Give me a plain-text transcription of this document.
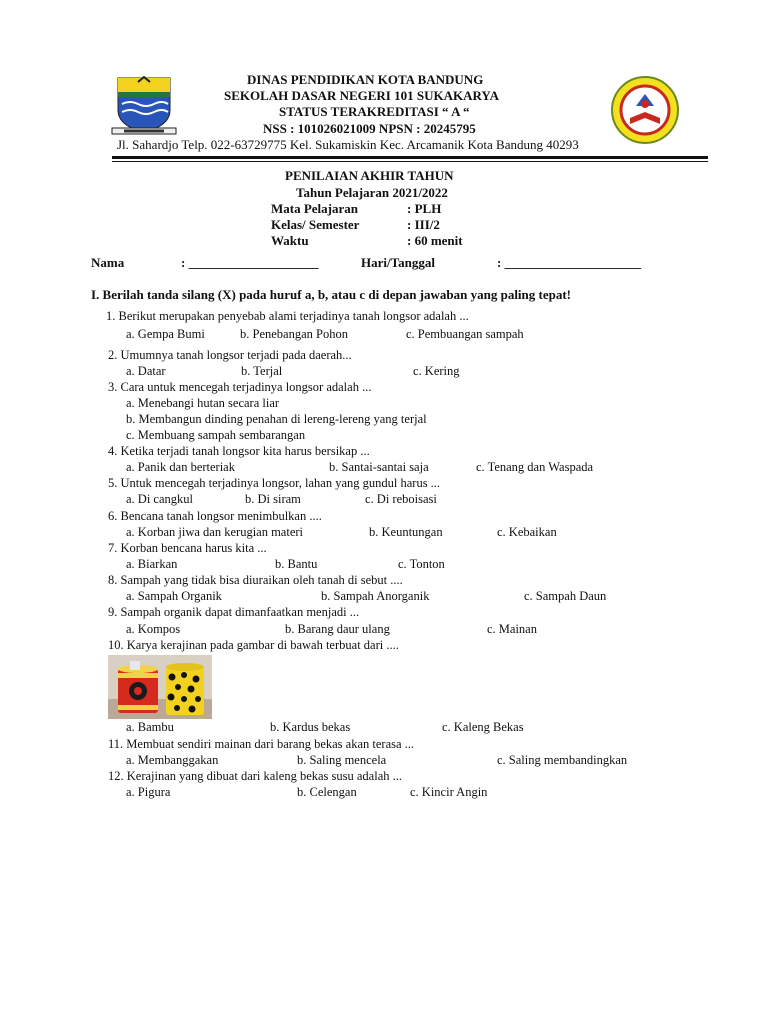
DINAS PENDIDIKAN KOTA BANDUNG
SEKOLAH DASAR NEGERI 101 SUKAKARYA
STATUS TERAKREDITASI “ A “
NSS : 101026021009 NPSN : 20245795
Jl. Sahardjo Telp. 022-63729775 Kel. Sukamiskin Kec. Arcamanik Kota Bandung 40293
PENILAIAN AKHIR TAHUN
Tahun Pelajaran 2021/2022
Mata Pelajaran	: PLH
Kelas/ Semester	: III/2
Waktu	: 60 menit
Nama	: ____________________	Hari/Tanggal	: _____________________
I. Berilah tanda silang (X) pada huruf a, b, atau c di depan jawaban yang paling tepat!
1. Berikut merupakan penyebab alami terjadinya tanah longsor adalah ...
a. Gempa Bumi	b. Penebangan Pohon	c. Pembuangan sampah
2. Umumnya tanah longsor terjadi pada daerah...
a. Datar	b. Terjal	c. Kering
3. Cara untuk mencegah terjadinya longsor adalah ...
a. Menebangi hutan secara liar
b. Membangun dinding penahan di lereng-lereng yang terjal
c. Membuang sampah sembarangan
4. Ketika terjadi tanah longsor kita harus bersikap ...
a. Panik dan berteriak	b. Santai-santai saja	c. Tenang dan Waspada
5. Untuk mencegah terjadinya longsor, lahan yang gundul harus ...
a. Di cangkul	b. Di siram	c. Di reboisasi
6. Bencana tanah longsor menimbulkan ....
a. Korban jiwa dan kerugian materi	b. Keuntungan	c. Kebaikan
7. Korban bencana harus kita ...
a. Biarkan	b. Bantu	c. Tonton
8. Sampah yang tidak bisa diuraikan oleh tanah di sebut ....
a. Sampah Organik	b. Sampah Anorganik	c. Sampah Daun
9. Sampah organik dapat dimanfaatkan menjadi ...
a. Kompos	b. Barang daur ulang	c. Mainan
10. Karya kerajinan pada gambar di bawah terbuat dari ....
a. Bambu	b. Kardus bekas	c. Kaleng Bekas
11. Membuat sendiri mainan dari barang bekas akan terasa ...
a. Membanggakan	b. Saling mencela	c. Saling membandingkan
12. Kerajinan yang dibuat dari kaleng bekas susu adalah ...
a. Pigura	b. Celengan	c. Kincir Angin
